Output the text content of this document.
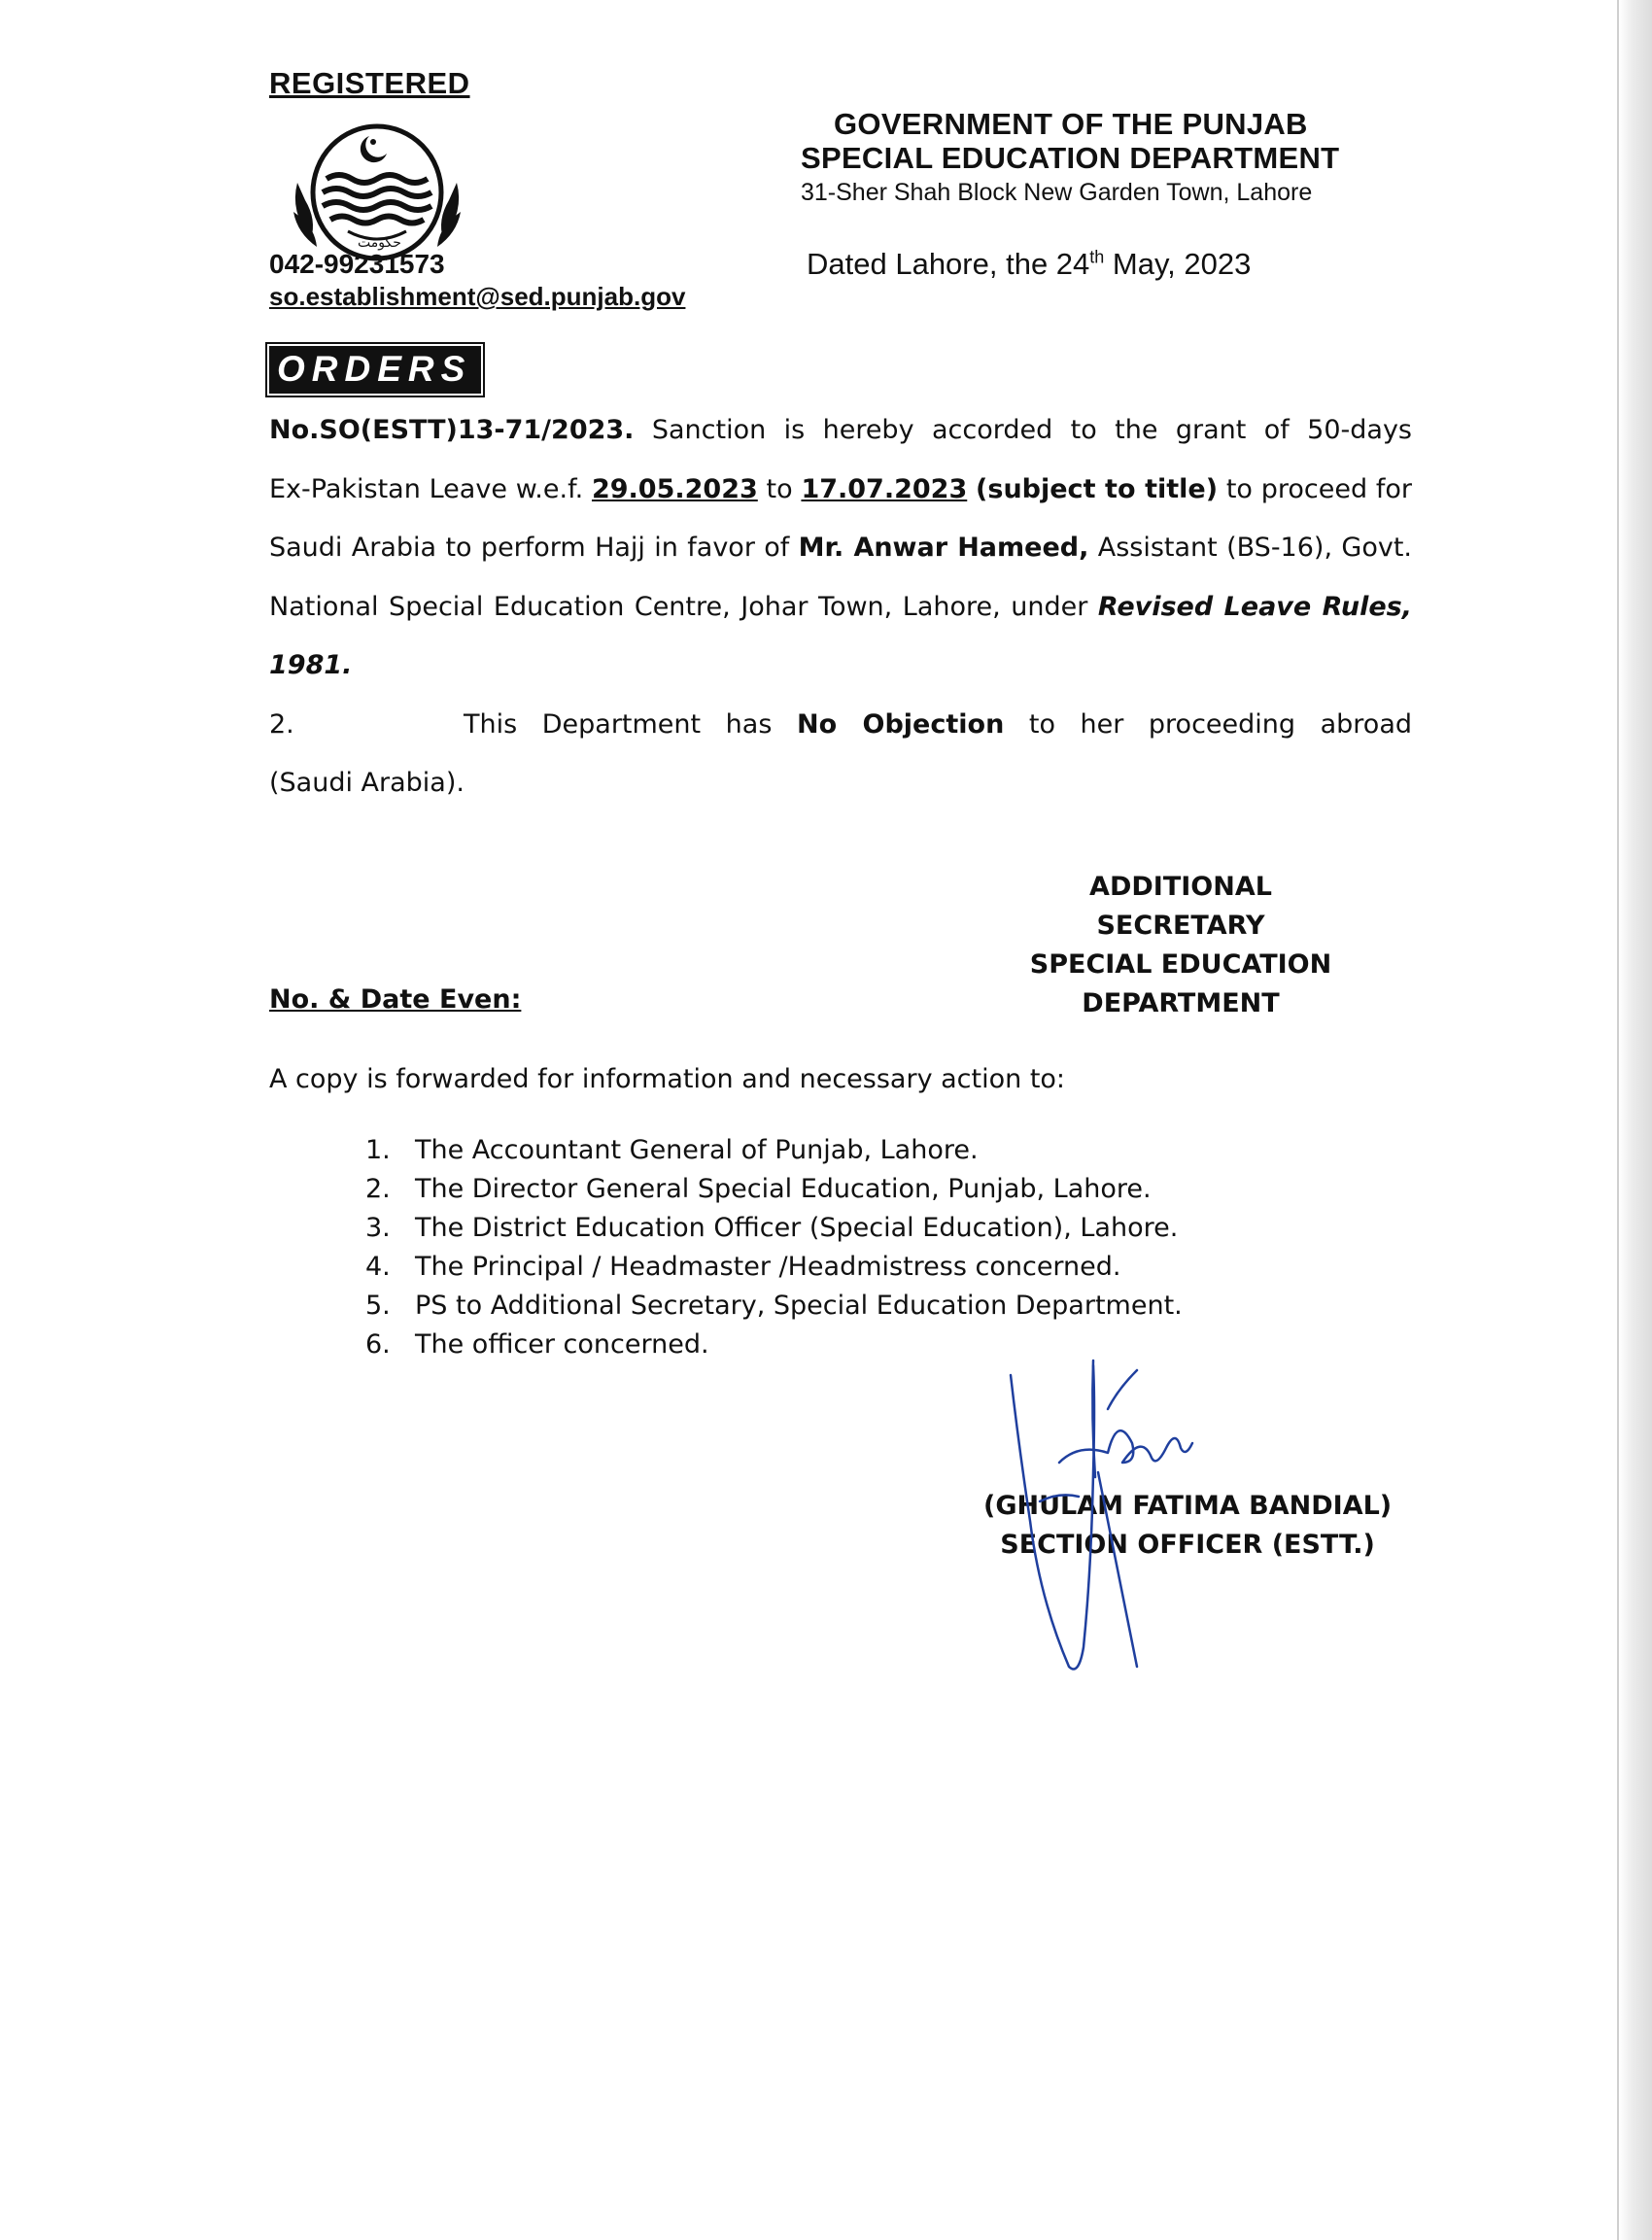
REGISTERED
حکومت
042-99231573
so.establishment@sed.punjab.gov
GOVERNMENT OF THE PUNJAB
SPECIAL EDUCATION DEPARTMENT
31-Sher Shah Block New Garden Town, Lahore
Dated Lahore, the 24th May, 2023
ORDERS
No.SO(ESTT)13-71/2023. Sanction is hereby accorded to the grant of 50-days
Ex-Pakistan Leave w.e.f. 29.05.2023 to 17.07.2023 (subject to title) to proceed for
Saudi Arabia to perform Hajj in favor of Mr. Anwar Hameed, Assistant (BS-16), Govt.
National Special Education Centre, Johar Town, Lahore, under Revised Leave Rules,
1981.
2.	This Department has No Objection to her proceeding abroad
(Saudi Arabia).
ADDITIONAL SECRETARY
SPECIAL EDUCATION
DEPARTMENT
No. & Date Even:
A copy is forwarded for information and necessary action to:
1. The Accountant General of Punjab, Lahore.
2. The Director General Special Education, Punjab, Lahore.
3. The District Education Officer (Special Education), Lahore.
4. The Principal / Headmaster /Headmistress concerned.
5. PS to Additional Secretary, Special Education Department.
6. The officer concerned.
(GHULAM FATIMA BANDIAL)
SECTION OFFICER (ESTT.)
